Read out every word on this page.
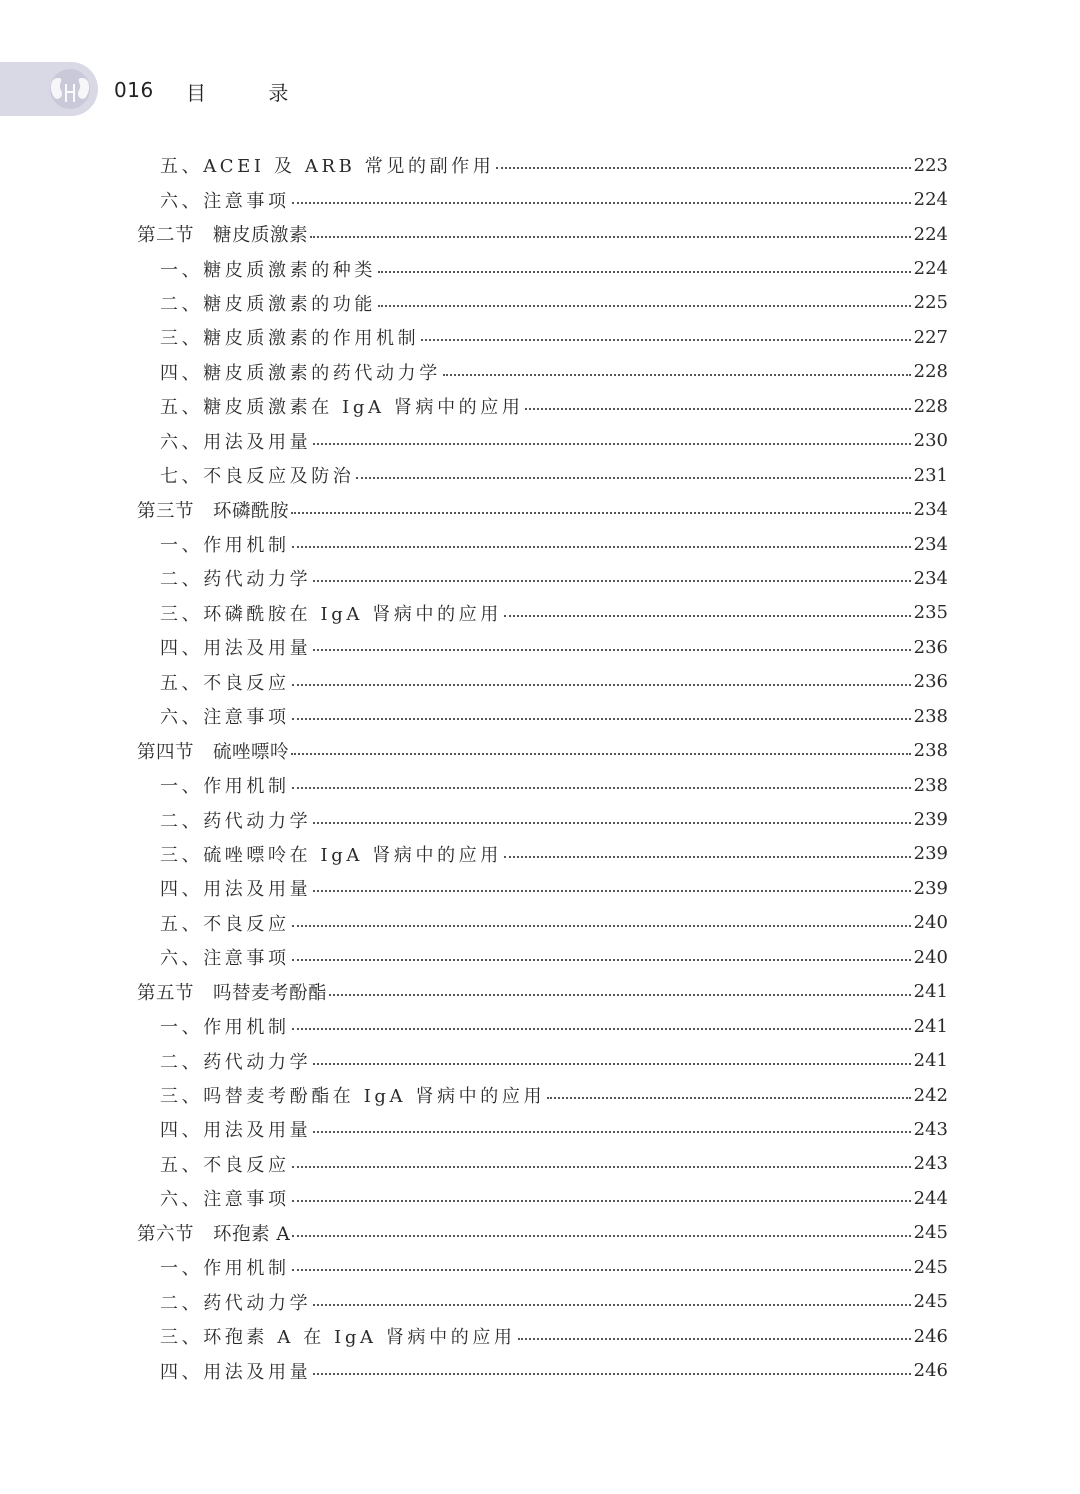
016 目 录
五、ACEI 及 ARB 常见的副作用	223
六、注意事项	224
第二节　糖皮质激素	224
一、糖皮质激素的种类	224
二、糖皮质激素的功能	225
三、糖皮质激素的作用机制	227
四、糖皮质激素的药代动力学	228
五、糖皮质激素在 IgA 肾病中的应用	228
六、用法及用量	230
七、不良反应及防治	231
第三节　环磷酰胺	234
一、作用机制	234
二、药代动力学	234
三、环磷酰胺在 IgA 肾病中的应用	235
四、用法及用量	236
五、不良反应	236
六、注意事项	238
第四节　硫唑嘌呤	238
一、作用机制	238
二、药代动力学	239
三、硫唑嘌呤在 IgA 肾病中的应用	239
四、用法及用量	239
五、不良反应	240
六、注意事项	240
第五节　吗替麦考酚酯	241
一、作用机制	241
二、药代动力学	241
三、吗替麦考酚酯在 IgA 肾病中的应用	242
四、用法及用量	243
五、不良反应	243
六、注意事项	244
第六节　环孢素 A	245
一、作用机制	245
二、药代动力学	245
三、环孢素 A 在 IgA 肾病中的应用	246
四、用法及用量	246
